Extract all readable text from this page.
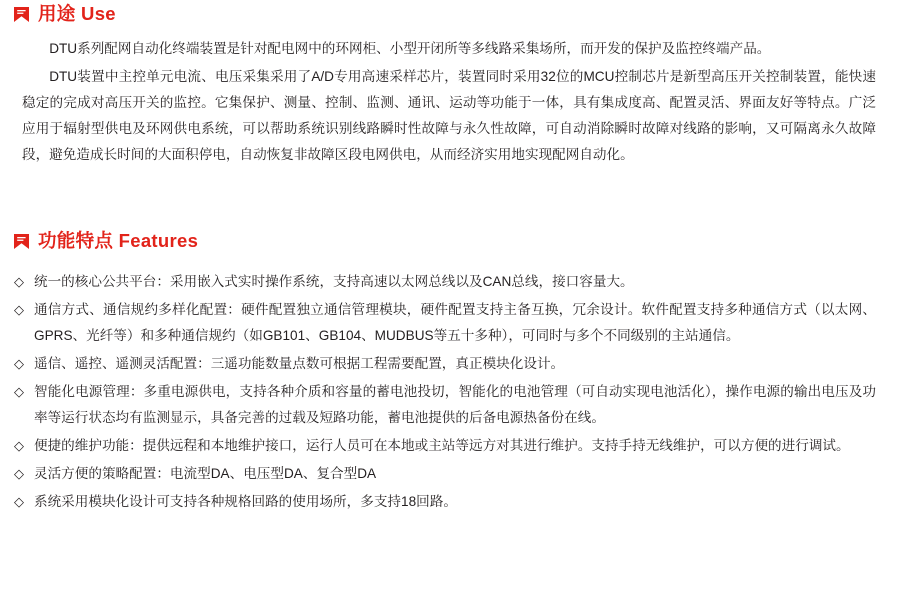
用途 Use

DTU系列配网自动化终端装置是针对配电网中的环网柜、小型开闭所等多线路采集场所，而开发的保护及监控终端产品。

DTU装置中主控单元电流、电压采集采用了A/D专用高速采样芯片，装置同时采用32位的MCU控制芯片是新型高压开关控制装置，能快速稳定的完成对高压开关的监控。它集保护、测量、控制、监测、通讯、运动等功能于一体，具有集成度高、配置灵活、界面友好等特点。广泛应用于辐射型供电及环网供电系统，可以帮助系统识别线路瞬时性故障与永久性故障，可自动消除瞬时故障对线路的影响，又可隔离永久故障段，避免造成长时间的大面积停电，自动恢复非故障区段电网供电，从而经济实用地实现配网自动化。

功能特点 Features
◇ 统一的核心公共平台：采用嵌入式实时操作系统，支持高速以太网总线以及CAN总线，接口容量大。
◇ 通信方式、通信规约多样化配置：硬件配置独立通信管理模块，硬件配置支持主备互换，冗余设计。软件配置支持多种通信方式（以太网、GPRS、光纤等）和多种通信规约（如GB101、GB104、MUDBUS等五十多种），可同时与多个不同级别的主站通信。
◇ 遥信、遥控、遥测灵活配置：三遥功能数量点数可根据工程需要配置，真正模块化设计。
◇ 智能化电源管理：多重电源供电，支持各种介质和容量的蓄电池投切，智能化的电池管理（可自动实现电池活化），操作电源的输出电压及功率等运行状态均有监测显示，具备完善的过载及短路功能，蓄电池提供的后备电源热备份在线。
◇ 便捷的维护功能：提供远程和本地维护接口，运行人员可在本地或主站等远方对其进行维护。支持手持无线维护，可以方便的进行调试。
◇ 灵活方便的策略配置：电流型DA、电压型DA、复合型DA
◇ 系统采用模块化设计可支持各种规格回路的使用场所，多支持18回路。
